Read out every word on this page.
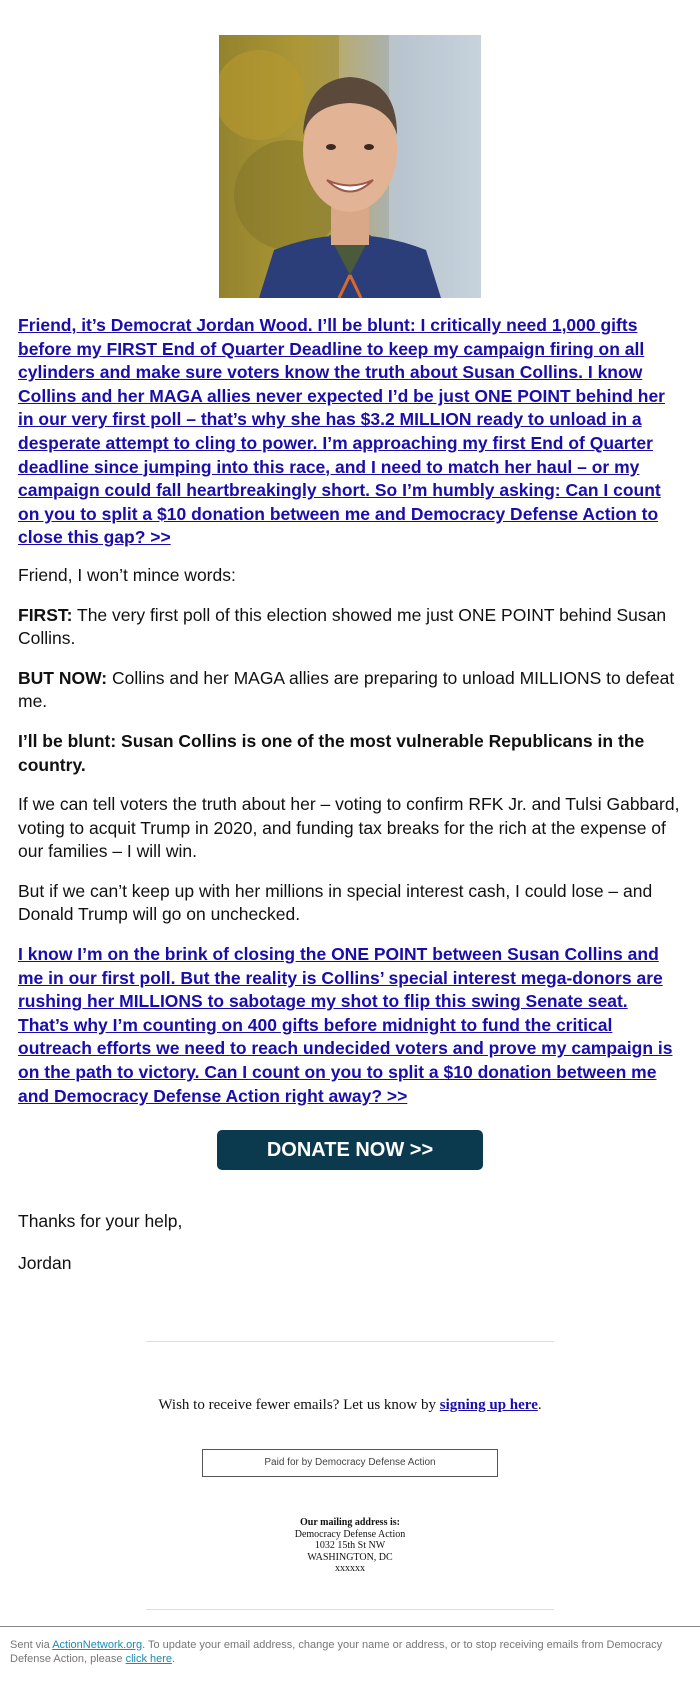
Friend, it’s Democrat Jordan Wood. I’ll be blunt: I critically need 1,000 gifts before my FIRST End of Quarter Deadline to keep my campaign firing on all cylinders and make sure voters know the truth about Susan Collins. I know Collins and her MAGA allies never expected I’d be just ONE POINT behind her in our very first poll – that’s why she has $3.2 MILLION ready to unload in a desperate attempt to cling to power. I’m approaching my first End of Quarter deadline since jumping into this race, and I need to match her haul – or my campaign could fall heartbreakingly short. So I’m humbly asking: Can I count on you to split a $10 donation between me and Democracy Defense Action to close this gap? >>

Friend, I won’t mince words:

FIRST: The very first poll of this election showed me just ONE POINT behind Susan Collins.

BUT NOW: Collins and her MAGA allies are preparing to unload MILLIONS to defeat me.

I’ll be blunt: Susan Collins is one of the most vulnerable Republicans in the country.

If we can tell voters the truth about her – voting to confirm RFK Jr. and Tulsi Gabbard, voting to acquit Trump in 2020, and funding tax breaks for the rich at the expense of our families – I will win.

But if we can’t keep up with her millions in special interest cash, I could lose – and Donald Trump will go on unchecked.

I know I’m on the brink of closing the ONE POINT between Susan Collins and me in our first poll. But the reality is Collins’ special interest mega-donors are rushing her MILLIONS to sabotage my shot to flip this swing Senate seat. That’s why I’m counting on 400 gifts before midnight to fund the critical outreach efforts we need to reach undecided voters and prove my campaign is on the path to victory. Can I count on you to split a $10 donation between me and Democracy Defense Action right away? >>
DONATE NOW >>

Thanks for your help,

Jordan

Wish to receive fewer emails? Let us know by signing up here.
Paid for by Democracy Defense Action
Our mailing address is:
Democracy Defense Action
1032 15th St NW
WASHINGTON, DC
xxxxxx
Sent via ActionNetwork.org. To update your email address, change your name or address, or to stop receiving emails from Democracy Defense Action, please click here.
